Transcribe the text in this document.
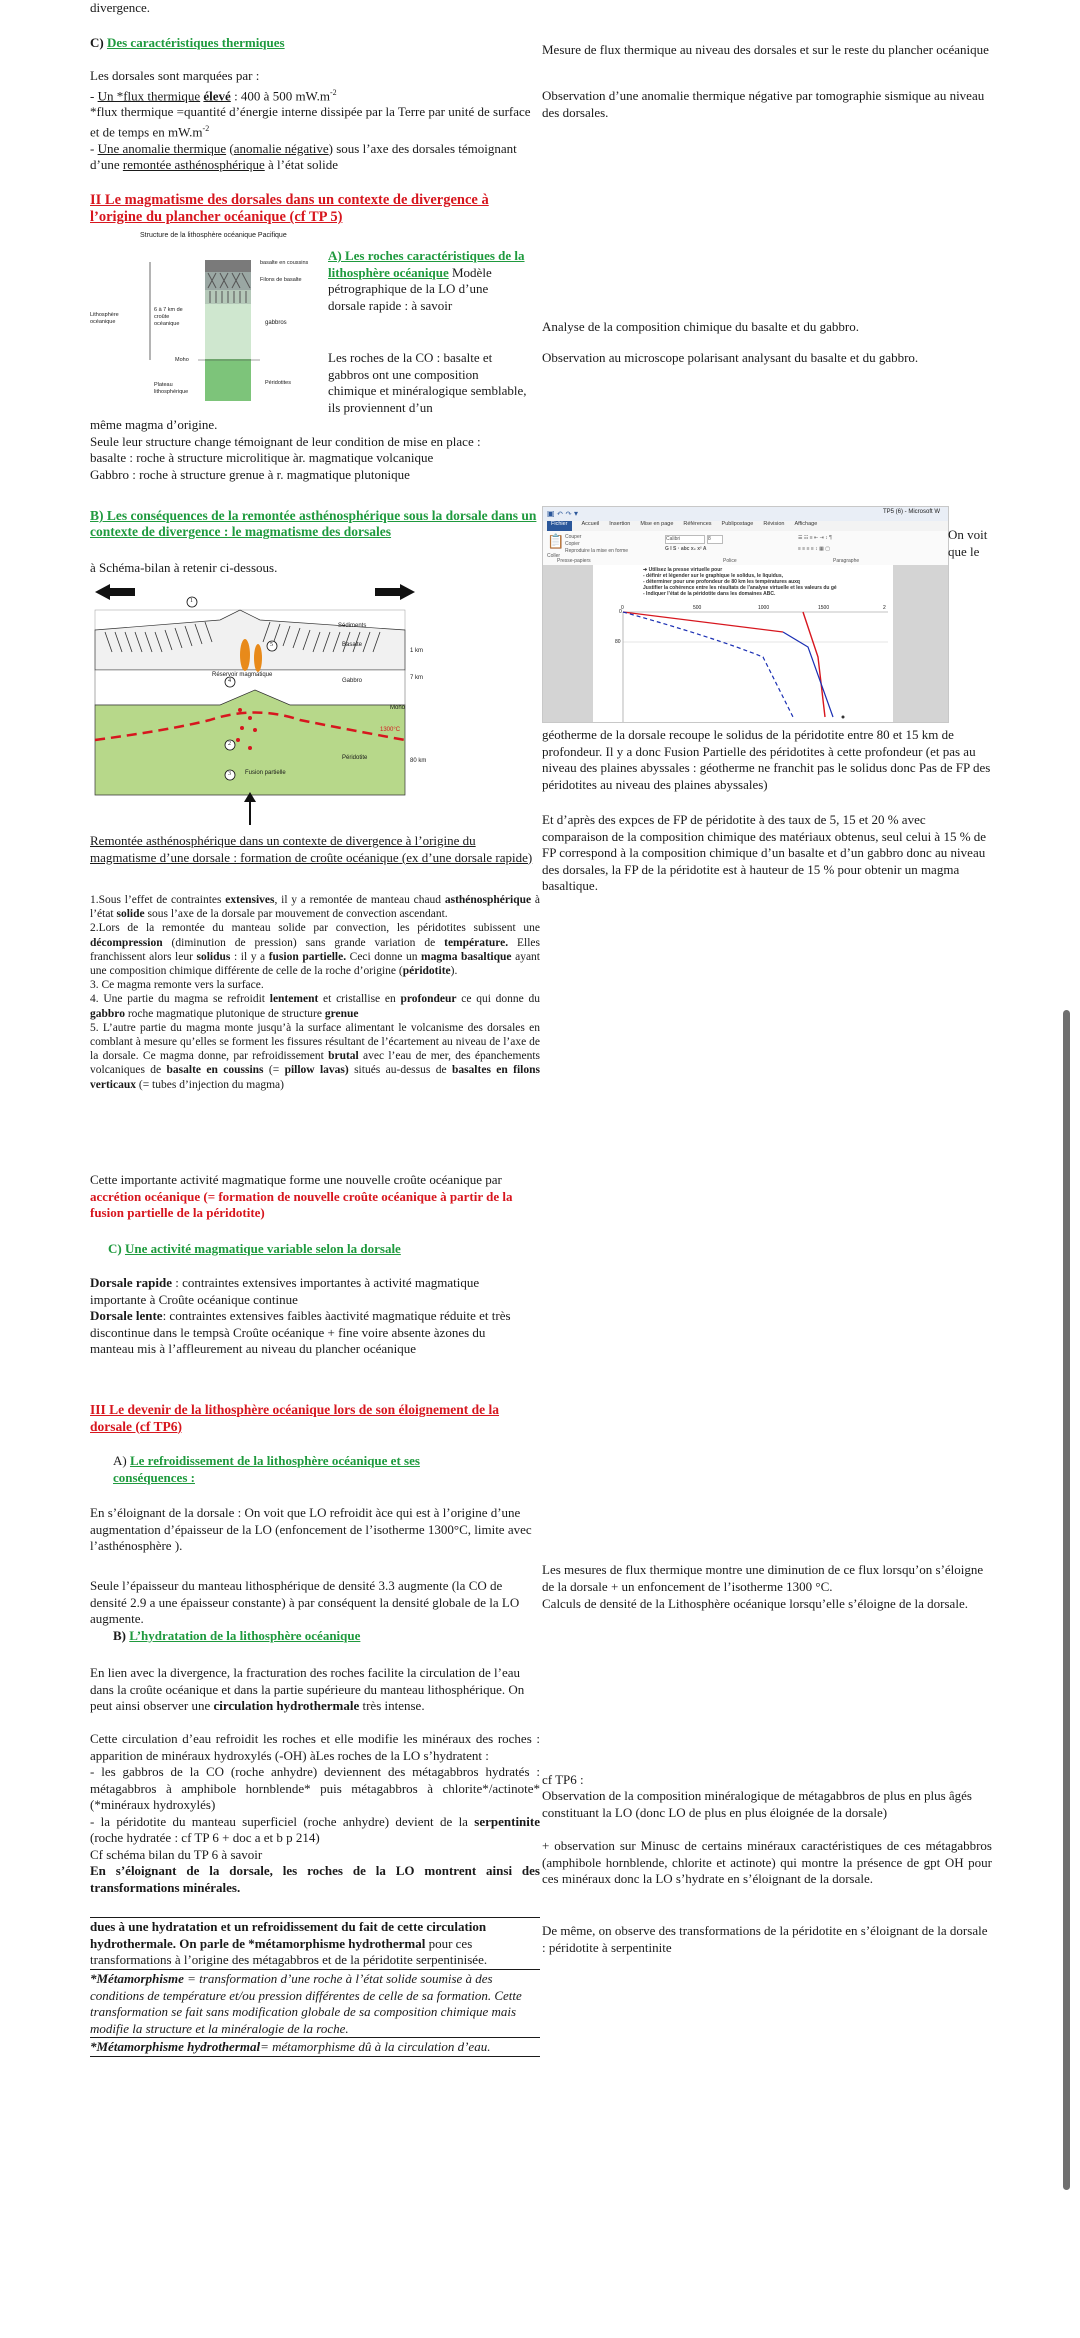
divergence.
C) Des caractéristiques thermiques
Les dorsales sont marquées par :
- Un *flux thermique élevé : 400 à 500 $mW.m^{-2}$
*flux thermique =quantité d’énergie interne dissipée par la Terre par unité de surface et de temps en $mW.m^{-2}$
- Une anomalie thermique (anomalie négative) sous l’axe des dorsales témoignant d’une remontée asthénosphérique à l’état solide
Mesure de flux thermique au niveau des dorsales et sur le reste du plancher océanique
Observation d’une anomalie thermique négative par tomographie sismique au niveau des dorsales.
II Le magmatisme des dorsales dans un contexte de divergence à l’origine du plancher océanique (cf TP 5)
Structure de la lithosphère océanique Pacifique
basalte en coussins
Filons de basalte
gabbros
Lithosphère océanique
6 à 7 km de croûte océanique
Moho
Péridotites
Plateau lithosphérique
A) Les roches caractéristiques de la lithosphère océanique Modèle pétrographique de la LO d’une dorsale rapide : à savoir
Les roches de la CO : basalte et gabbros ont une composition chimique et minéralogique semblable, ils proviennent d’un
même magma d’origine.
Seule leur structure change témoignant de leur condition de mise en place :
basalte : roche à structure microlitique àr. magmatique volcanique
Gabbro : roche à structure grenue à r. magmatique plutonique
Analyse de la composition chimique du basalte et du gabbro.
Observation au microscope polarisant analysant du basalte et du gabbro.
B) Les conséquences de la remontée asthénosphérique sous la dorsale dans un contexte de divergence : le magmatisme des dorsales
à Schéma-bilan à retenir ci-dessous.
1
2
3
4
5
Sédiments
Basalte
Gabbro
Péridotite
Réservoir magmatique
Fusion partielle
1 km
7 km
80 km
1300°C
Moho
Remontée asthénosphérique dans un contexte de divergence à l’origine du magmatisme d’une dorsale : formation de croûte océanique (ex d’une dorsale rapide)
1.Sous l’effet de contraintes extensives, il y a remontée de manteau chaud asthénosphérique à l’état solide sous l’axe de la dorsale par mouvement de convection ascendant.
2.Lors de la remontée du manteau solide par convection, les péridotites subissent une décompression (diminution de pression) sans grande variation de température. Elles franchissent alors leur solidus : il y a fusion partielle. Ceci donne un magma basaltique ayant une composition chimique différente de celle de la roche d’origine (péridotite).
3. Ce magma remonte vers la surface.
4. Une partie du magma se refroidit lentement et cristallise en profondeur ce qui donne du gabbro roche magmatique plutonique de structure grenue
5. L’autre partie du magma monte jusqu’à la surface alimentant le volcanisme des dorsales en comblant à mesure qu’elles se forment les fissures résultant de l’écartement au niveau de l’axe de la dorsale. Ce magma donne, par refroidissement brutal avec l’eau de mer, des épanchements volcaniques de basalte en coussins (= pillow lavas) situés au-dessus de basaltes en filons verticaux (= tubes d’injection du magma)
Cette importante activité magmatique forme une nouvelle croûte océanique par accrétion océanique (= formation de nouvelle croûte océanique à partir de la fusion partielle de la péridotite)
▣ ↶ ↷ ▾	TP5 (6) - Microsoft W
Fichier	Accueil Insertion Mise en page Références Publipostage Révision Affichage
📋
Coller
Couper
Copier
Reproduire la mise en forme
Presse-papiers
Calibri	8
G I S · abc x₂ x² A
Police
☰ ☷ ≡ ⇤ ⇥ ↕ ¶
≡ ≡ ≡ ≡ ↕ ▦ ▢
Paragraphe
➔ Utilisez la presse virtuelle pour
- définir et légender sur le graphique le solidus, le liquidus,
- déterminer pour une profondeur de 80 km les températures auxq
Justifier la cohérence entre les résultats de l’analyse virtuelle et les valeurs du gé
- Indiquer l’état de la péridotite dans les domaines ABC.
0
80
0	500	1000	1500	2
On voit que le
géotherme de la dorsale recoupe le solidus de la péridotite entre 80 et 15 km de profondeur. Il y a donc Fusion Partielle des péridotites à cette profondeur (et pas au niveau des plaines abyssales : géotherme ne franchit pas le solidus donc Pas de FP des péridotites au niveau des plaines abyssales)
Et d’après des expces de FP de péridotite à des taux de 5, 15 et 20 % avec comparaison de la composition chimique des matériaux obtenus, seul celui à 15 % de FP correspond à la composition chimique d’un basalte et d’un gabbro donc au niveau des dorsales, la FP de la péridotite est à hauteur de 15 % pour obtenir un magma basaltique.
C) Une activité magmatique variable selon la dorsale
Dorsale rapide : contraintes extensives importantes à activité magmatique importante à Croûte océanique continue
Dorsale lente: contraintes extensives faibles àactivité magmatique réduite et très discontinue dans le tempsà Croûte océanique + fine voire absente àzones du manteau mis à l’affleurement au niveau du plancher océanique
III Le devenir de la lithosphère océanique lors de son éloignement de la dorsale (cf TP6)
A) Le refroidissement de la lithosphère océanique et ses conséquences :
En s’éloignant de la dorsale : On voit que LO refroidit àce qui est à l’origine d’une augmentation d’épaisseur de la LO (enfoncement de l’isotherme 1300°C, limite avec l’asthénosphère ).
Seule l’épaisseur du manteau lithosphérique de densité 3.3 augmente (la CO de densité 2.9 a une épaisseur constante) à par conséquent la densité globale de la LO augmente.
Les mesures de flux thermique montre une diminution de ce flux lorsqu’on s’éloigne de la dorsale + un enfoncement de l’isotherme 1300 °C.
Calculs de densité de la Lithosphère océanique lorsqu’elle s’éloigne de la dorsale.
B) L’hydratation de la lithosphère océanique
En lien avec la divergence, la fracturation des roches facilite la circulation de l’eau dans la croûte océanique et dans la partie supérieure du manteau lithosphérique. On peut ainsi observer une circulation hydrothermale très intense.
Cette circulation d’eau refroidit les roches et elle modifie les minéraux des roches : apparition de minéraux hydroxylés (-OH) àLes roches de la LO s’hydratent :
- les gabbros de la CO (roche anhydre) deviennent des métagabbros hydratés : métagabbros à amphibole hornblende* puis métagabbros à chlorite*/actinote* (*minéraux hydroxylés)
- la péridotite du manteau superficiel (roche anhydre) devient de la serpentinite (roche hydratée : cf TP 6 + doc a et b p 214)
Cf schéma bilan du TP 6 à savoir
En s’éloignant de la dorsale, les roches de la LO montrent ainsi des transformations minérales.
dues à une hydratation et un refroidissement du fait de cette circulation hydrothermale. On parle de *métamorphisme hydrothermal pour ces transformations à l’origine des métagabbros et de la péridotite serpentinisée.
*Métamorphisme = transformation d’une roche à l’état solide soumise à des conditions de température et/ou pression différentes de celle de sa formation. Cette transformation se fait sans modification globale de sa composition chimique mais modifie la structure et la minéralogie de la roche.
*Métamorphisme hydrothermal= métamorphisme dû à la circulation d’eau.
cf TP6 :
Observation de la composition minéralogique de métagabbros de plus en plus âgés constituant la LO (donc LO de plus en plus éloignée de la dorsale)
+ observation sur Minusc de certains minéraux caractéristiques de ces métagabbros (amphibole hornblende, chlorite et actinote) qui montre la présence de gpt OH pour ces minéraux donc la LO s’hydrate en s’éloignant de la dorsale.
De même, on observe des transformations de la péridotite en s’éloignant de la dorsale : péridotite à serpentinite
